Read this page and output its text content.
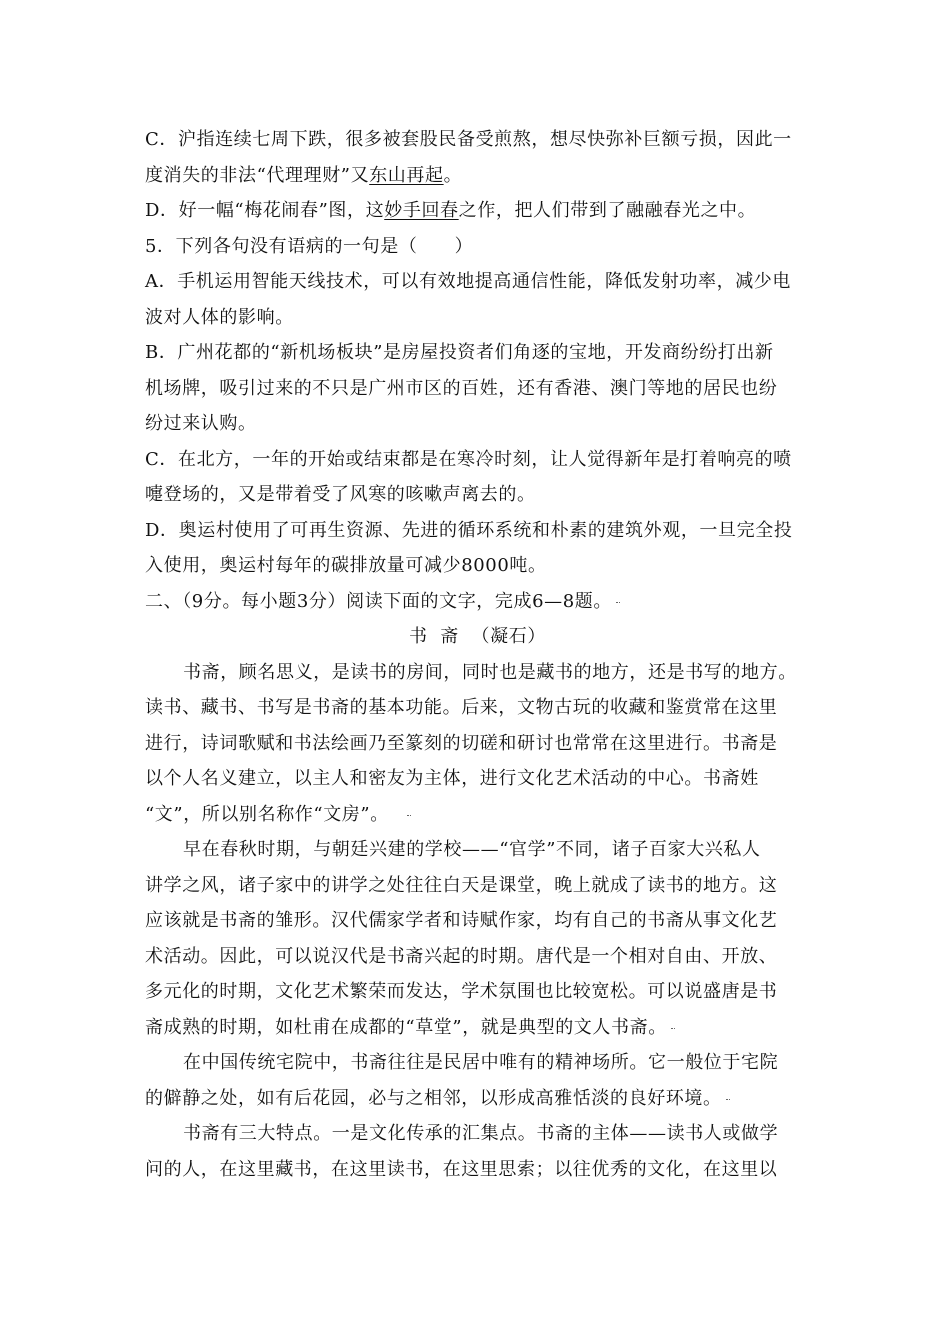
C．沪指连续七周下跌，很多被套股民备受煎熬，想尽快弥补巨额亏损，因此一
度消失的非法“代理理财”又东山再起。
D．好一幅“梅花闹春”图，这妙手回春之作，把人们带到了融融春光之中。
5．下列各句没有语病的一句是（　　）
A．手机运用智能天线技术，可以有效地提高通信性能，降低发射功率，减少电
波对人体的影响。
B．广州花都的“新机场板块”是房屋投资者们角逐的宝地，开发商纷纷打出新
机场牌，吸引过来的不只是广州市区的百姓，还有香港、澳门等地的居民也纷
纷过来认购。
C．在北方，一年的开始或结束都是在寒冷时刻，让人觉得新年是打着响亮的喷
嚏登场的，又是带着受了风寒的咳嗽声离去的。
D．奥运村使用了可再生资源、先进的循环系统和朴素的建筑外观，一旦完全投
入使用，奥运村每年的碳排放量可减少8000吨。
二、（9分。每小题3分）阅读下面的文字，完成6—8题。
书  斋  （凝石）
书斋，顾名思义，是读书的房间，同时也是藏书的地方，还是书写的地方。
读书、藏书、书写是书斋的基本功能。后来，文物古玩的收藏和鉴赏常在这里
进行，诗词歌赋和书法绘画乃至篆刻的切磋和研讨也常常在这里进行。书斋是
以个人名义建立，以主人和密友为主体，进行文化艺术活动的中心。书斋姓
“文”，所以别名称作“文房”。
早在春秋时期，与朝廷兴建的学校——“官学”不同，诸子百家大兴私人
讲学之风，诸子家中的讲学之处往往白天是课堂，晚上就成了读书的地方。这
应该就是书斋的雏形。汉代儒家学者和诗赋作家，均有自己的书斋从事文化艺
术活动。因此，可以说汉代是书斋兴起的时期。唐代是一个相对自由、开放、
多元化的时期，文化艺术繁荣而发达，学术氛围也比较宽松。可以说盛唐是书
斋成熟的时期，如杜甫在成都的“草堂”，就是典型的文人书斋。
在中国传统宅院中，书斋往往是民居中唯有的精神场所。它一般位于宅院
的僻静之处，如有后花园，必与之相邻，以形成高雅恬淡的良好环境。
书斋有三大特点。一是文化传承的汇集点。书斋的主体——读书人或做学
问的人，在这里藏书，在这里读书，在这里思索；以往优秀的文化，在这里以
